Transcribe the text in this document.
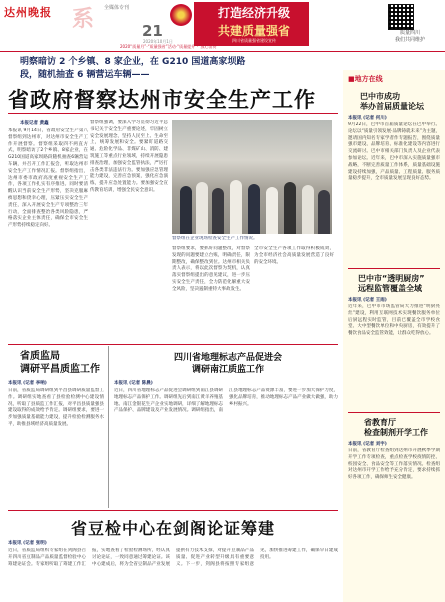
系
达州晚报	全媒体专刊
21
2020年10月1日
打造经济升级
共建质量强省
四川省质量强省建设宣传
2020“质量月”·“质量强省”活动·“质量提升”·“放心消费”
质量四川
我们共同维护
明察暗访 2 个乡镇、8 家企业，在 G210 国道高家坝路
段，随机抽查 6 辆营运车辆——
省政府督察达州市安全生产工作
本报记者 黄鑫
本报讯 9月14日，省政府安全生产第八督察组到达州市，对达州市安全生产工作开展督察。督察组采取四不两直方式，明察暗访了2个乡镇、8家企业，在G210国道高家坝路段随机抽查6辆营运车辆，并召开工作汇报会，听取达州市安全生产工作情况汇报。督察组指出，达州市委市政府高度重视安全生产工作，各项工作扎实有序推进。同时要清醒认识当前安全生产形势，坚决克服麻痹思想和侥幸心理，压紧压实安全生产责任，深入开展安全生产专项整治三年行动，全面排查整治各类风险隐患，严格落实企业主体责任，确保全市安全生产形势持续稳定向好。
督察组强调，要深入学习贯彻习近平总书记关于安全生产重要论述，牢固树立安全发展理念，坚持人民至上、生命至上，统筹发展和安全。要紧盯道路交通、危险化学品、非煤矿山、消防、建筑施工等重点行业领域，持续开展隐患排查治理，加强安全监管执法，严厉打击各类非法违法行为。要加强应急管理能力建设，完善应急预案，强化应急演练，提升应急处置能力。要加强安全宣传教育培训，增强全民安全意识。
督察组在企业现场检查安全生产工作情况。
督察组要求，要抓好问题整改，对督察发现的问题要建立台账，明确责任，限期整改，确保整改到位。达州市相关负责人表示，将以此次督察为契机，认真落实督察组提出的意见建议，进一步压实安全生产责任，全力防范化解重大安全风险，坚决遏制重特大事故发生。
全市安全生产各项工作取得积极成效，为全市经济社会高质量发展营造了良好的安全环境。
■地方在线
巴中市成功
举办首届质量论坛
本报讯 (记者 何川)
9月22日，巴中市首届质量论坛在巴中举行。论坛以“质量引领发展·品牌铸就未来”为主题，邀请国内知名专家学者作专题报告，围绕质量强市建设、品牌培育、标准化建设等内容进行交流研讨。巴中市相关部门负责人及企业代表参加论坛。近年来，巴中市深入实施质量强市战略，不断完善质量工作体系，质量基础设施建设持续加强，产品质量、工程质量、服务质量稳步提升，全市质量发展呈现良好态势。
巴中市“透明厨房”
远程监管覆盖全域
本报讯 (记者 王雨)
近年来，巴中市市场监管局大力推进“明厨亮灶”建设，利用互联网技术实现餐饮服务单位后厨远程实时监管，目前已覆盖全市学校食堂、大中型餐饮单位和中央厨房，有效提升了餐饮食品安全监管效能，让群众吃得放心。
省教育厅
检查制剂开学工作
本报讯 (记者 刘宇)
日前，省教育厅检查组到达州市开展秋季学期开学工作专项检查，重点检查学校疫情防控、校园安全、食品安全等工作落实情况。检查组对达州市开学工作给予充分肯定，要求持续抓好各项工作，确保师生安全健康。
省质监局
调研平昌质监工作
本报讯 (记者 李响)
日前，省质监局调研组到平昌县调研质量监督工作。调研组实地查看了县检验检测中心建设情况，听取了县质监工作汇报，对平昌县质量强县建设取得的成效给予肯定。调研组要求，要进一步加强质量基础能力建设，提升检验检测服务水平，助推县域经济高质量发展。
四川省地理标志产品促进会
调研南江质监工作
本报讯 (记者 陈晨)
近日，四川省地理标志产品促进会调研组到南江县调研地理标志产品保护工作。调研组先后到南江黄羊养殖基地、南江金银花生产企业实地调研，详细了解地理标志产品保护、品牌建设及产业发展情况。调研组指出，南江县地理标志产品资源丰富，要进一步加大保护力度，强化品牌培育，推动地理标志产品产业做大做强，助力乡村振兴。
省豆检中心在剑阁论证筹建
本报讯 (记者 张明)
近日，省质监局组织专家组在剑阁县召开四川省豆制品产品质量监督检验中心筹建论证会。专家组听取了筹建工作汇报，实地查看了检验检测场所，经认真讨论论证，一致同意通过筹建论证。该中心建成后，将为全省豆制品产业发展提供有力技术支撑，对提升豆制品产品质量、促进产业转型升级具有重要意义。下一步，剑阁县将按照专家组意见，加快推进筹建工作，确保早日建成投用。
